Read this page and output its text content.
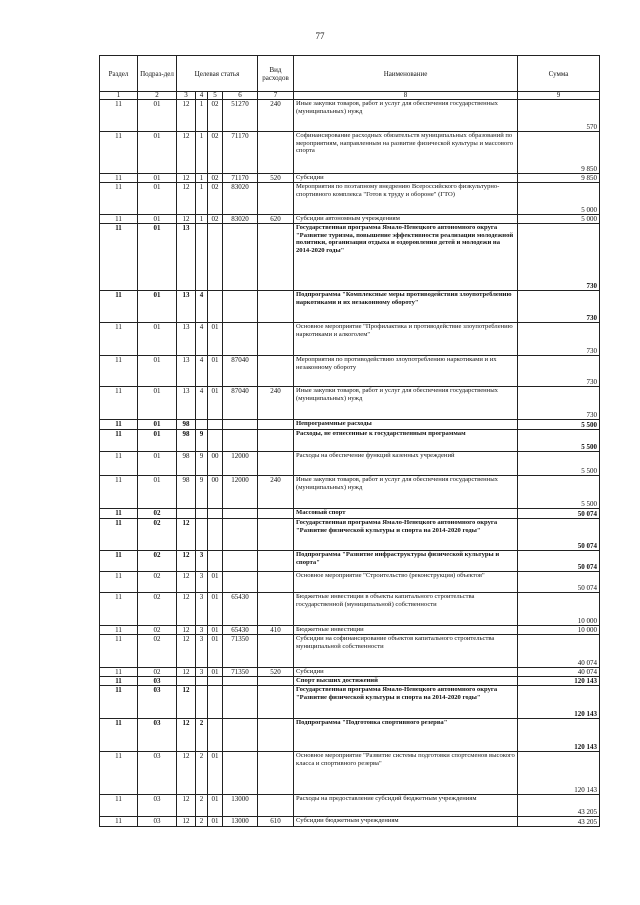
77
Раздел	Подраз-дел	Целевая статья				Вид расходов	Наименование	Сумма
1	2	3	4	5	6	7	8	9
11	01	12	1	02	51270	240	Иные закупки товаров, работ и услуг для обеспечения государственных (муниципальных) нужд	570
11	01	12	1	02	71170		Софинансирование расходных обязательств муниципальных образований по мероприятиям, направленным на развитие физической культуры и массового спорта	9 850
11	01	12	1	02	71170	520	Субсидии	9 850
11	01	12	1	02	83020		Мероприятия по поэтапному внедрению Всероссийского физкультурно-спортивного комплекса "Готов к труду и обороне" (ГТО)	5 000
11	01	12	1	02	83020	620	Субсидии автономным учреждениям	5 000
11	01	13					Государственная программа Ямало-Ненецкого автономного округа "Развитие туризма, повышение эффективности реализации молодежной политики, организация отдыха и оздоровления детей и молодежи на 2014-2020 годы"	730
11	01	13	4				Подпрограмма "Комплексные меры противодействия злоупотреблению наркотиками и их незаконному обороту"	730
11	01	13	4	01			Основное мероприятие "Профилактика и противодействие злоупотреблению наркотиками и алкоголем"	730
11	01	13	4	01	87040		Мероприятия по противодействию злоупотреблению наркотиками и их незаконному обороту	730
11	01	13	4	01	87040	240	Иные закупки товаров, работ и услуг для обеспечения государственных (муниципальных) нужд	730
11	01	98					Непрограммные расходы	5 500
11	01	98	9				Расходы, не отнесенные к государственным программам	5 500
11	01	98	9	00	12000		Расходы на обеспечение функций казенных учреждений	5 500
11	01	98	9	00	12000	240	Иные закупки товаров, работ и услуг для обеспечения государственных (муниципальных) нужд	5 500
11	02						Массовый спорт	50 074
11	02	12					Государственная программа Ямало-Ненецкого автономного округа "Развитие физической культуры и спорта на 2014-2020 годы"	50 074
11	02	12	3				Подпрограмма "Развитие инфраструктуры физической культуры и спорта"	50 074
11	02	12	3	01			Основное мероприятие "Строительство (реконструкция) объектов"	50 074
11	02	12	3	01	65430		Бюджетные инвестиции в объекты капитального строительства государственной (муниципальной) собственности	10 000
11	02	12	3	01	65430	410	Бюджетные инвестиции	10 000
11	02	12	3	01	71350		Субсидии на софинансирование объектов капитального строительства муниципальной собственности	40 074
11	02	12	3	01	71350	520	Субсидии	40 074
11	03						Спорт высших достижений	120 143
11	03	12					Государственная программа Ямало-Ненецкого автономного округа "Развитие физической культуры и спорта на 2014-2020 годы"	120 143
11	03	12	2				Подпрограмма "Подготовка спортивного резерва"	120 143
11	03	12	2	01			Основное мероприятие "Развитие системы подготовки спортсменов высокого класса и спортивного резерва"	120 143
11	03	12	2	01	13000		Расходы на предоставление субсидий бюджетным учреждениям	43 205
11	03	12	2	01	13000	610	Субсидии бюджетным учреждениям	43 205
